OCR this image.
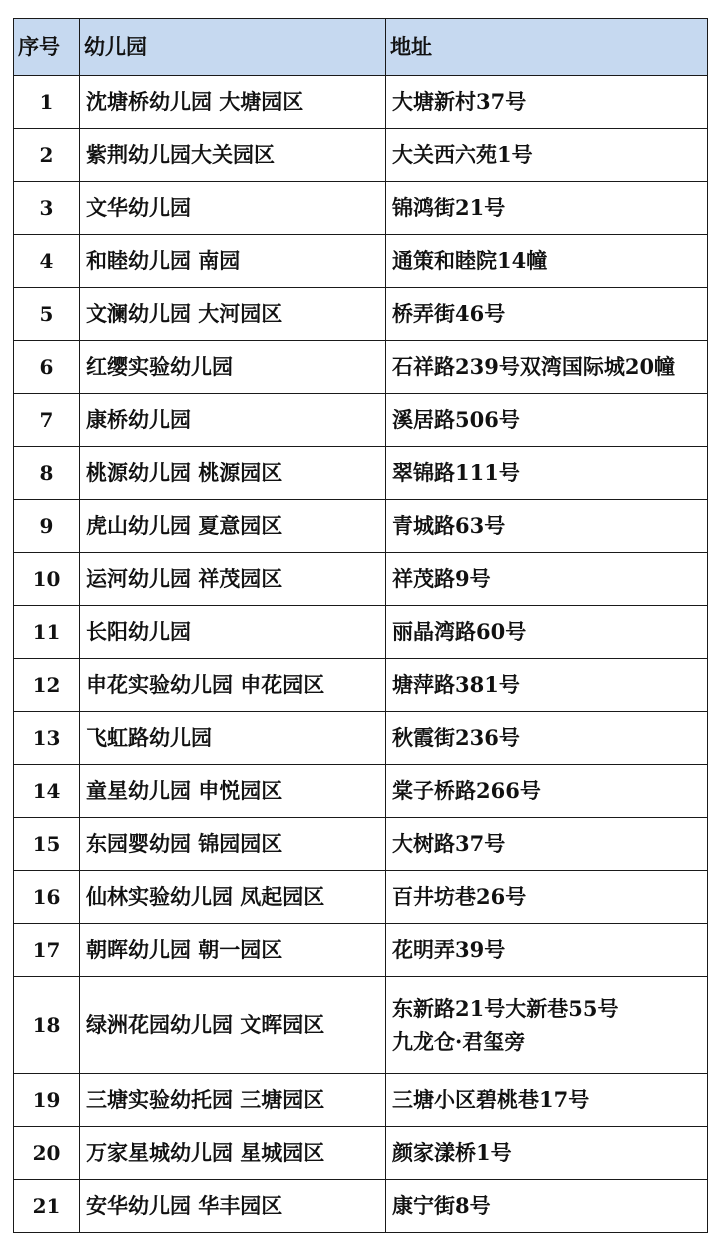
序号	幼儿园	地址
1	沈塘桥幼儿园 大塘园区	大塘新村37号

2	紫荆幼儿园大关园区	大关西六苑1号

3	文华幼儿园	锦鸿街21号

4	和睦幼儿园 南园	通策和睦院14幢

5	文澜幼儿园 大河园区	桥弄街46号

6	红缨实验幼儿园	石祥路239号双湾国际城20幢

7	康桥幼儿园	溪居路506号

8	桃源幼儿园 桃源园区	翠锦路111号

9	虎山幼儿园 夏意园区	青城路63号

10	运河幼儿园 祥茂园区	祥茂路9号

11	长阳幼儿园	丽晶湾路60号

12	申花实验幼儿园 申花园区	塘萍路381号

13	飞虹路幼儿园	秋霞街236号

14	童星幼儿园 申悦园区	棠子桥路266号

15	东园婴幼园 锦园园区	大树路37号

16	仙林实验幼儿园 凤起园区	百井坊巷26号

17	朝晖幼儿园 朝一园区	花明弄39号

18	绿洲花园幼儿园 文晖园区	东新路21号大新巷55号
九龙仓·君玺旁

19	三塘实验幼托园 三塘园区	三塘小区碧桃巷17号

20	万家星城幼儿园 星城园区	颜家漾桥1号

21	安华幼儿园 华丰园区	康宁街8号
